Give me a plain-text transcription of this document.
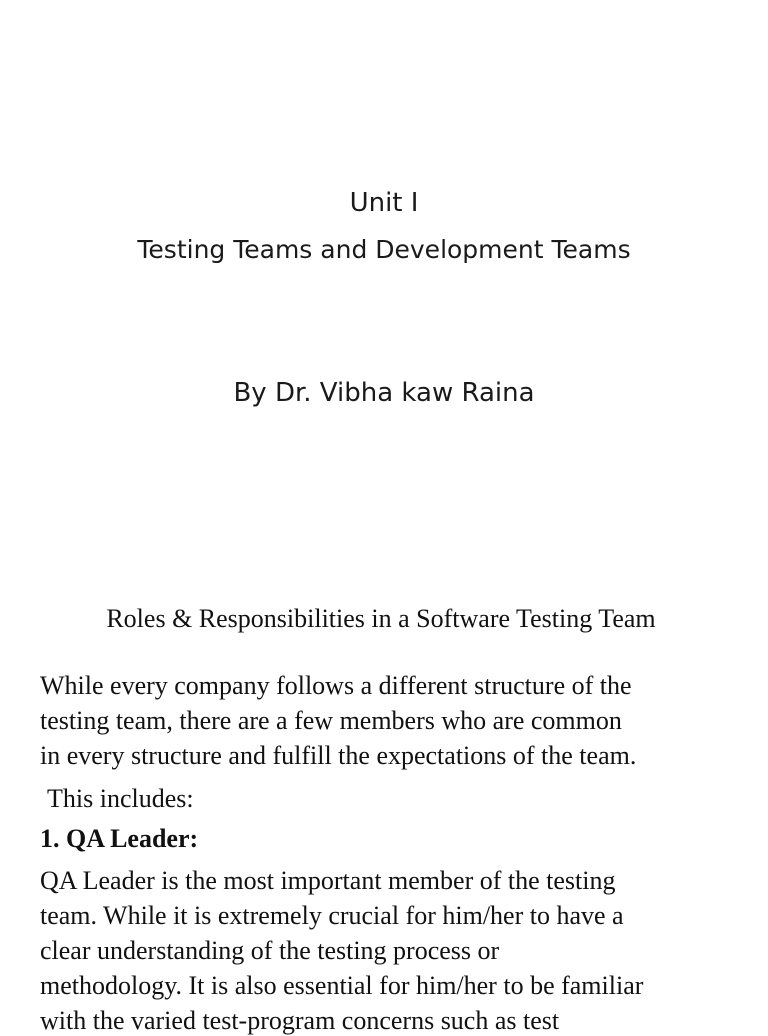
Unit I
Testing Teams and Development Teams
By Dr. Vibha kaw Raina
Roles & Responsibilities in a Software Testing Team
While every company follows a different structure of the
testing team, there are a few members who are common
in every structure and fulfill the expectations of the team.
This includes:
1. QA Leader:
QA Leader is the most important member of the testing
team. While it is extremely crucial for him/her to have a
clear understanding of the testing process or
methodology. It is also essential for him/her to be familiar
with the varied test-program concerns such as test
